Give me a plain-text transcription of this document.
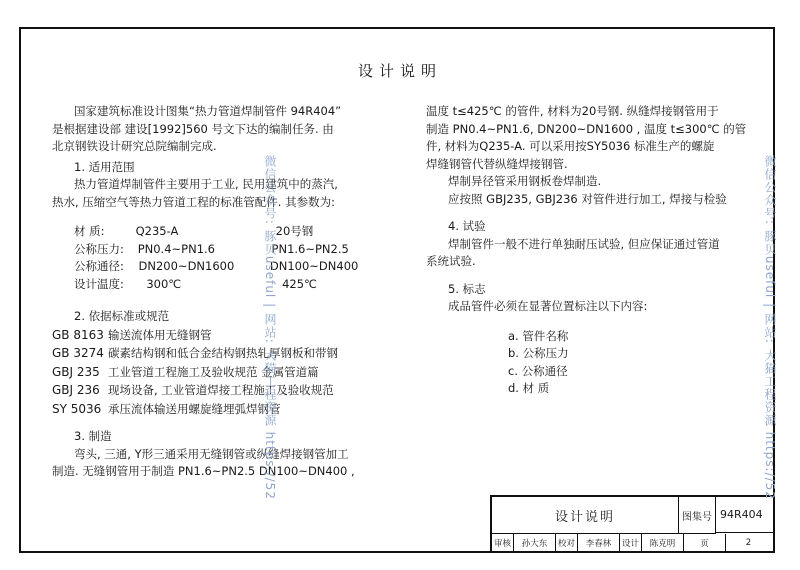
设计说明

国家建筑标准设计图集“热力管道焊制管件 94R404”

是根据建设部 建设[1992]560 号文下达的编制任务. 由

北京钢铁设计研究总院编制完成.

1. 适用范围

热力管道焊制管件主要用于工业, 民用建筑中的蒸汽,

热水, 压缩空气等热力管道工程的标准管配件. 其参数为:

材 质:	Q235-A	20号钢
公称压力:	PN0.4~PN1.6	PN1.6~PN2.5
公称通径:	DN200~DN1600	DN100~DN400
设计温度:	300℃	425℃

2. 依据标准或规范

GB 8163 输送流体用无缝钢管
GB 3274 碳素结构钢和低合金结构钢热轧厚钢板和带钢
GBJ 235 工业管道工程施工及验收规范 金属管道篇
GBJ 236 现场设备, 工业管道焊接工程施工及验收规范
SY 5036 承压流体输送用螺旋缝埋弧焊钢管

3. 制造

弯头, 三通, Y形三通采用无缝钢管或纵缝焊接钢管加工

制造. 无缝钢管用于制造 PN1.6~PN2.5 DN100~DN400 ,

温度 t≤425℃ 的管件, 材料为20号钢. 纵缝焊接钢管用于

制造 PN0.4~PN1.6, DN200~DN1600 , 温度 t≤300℃ 的管

件, 材料为Q235-A. 可以采用按SY5036 标准生产的螺旋

焊缝钢管代替纵缝焊接钢管.

焊制异径管采用钢板卷焊制造.

应按照 GBJ235, GBJ236 对管件进行加工, 焊接与检验

4. 试验

焊制管件一般不进行单独耐压试验, 但应保证通过管道

系统试验.

5. 标志

成品管件必须在显著位置标注以下内容:

a. 管件名称

b. 公称压力

c. 公称通径

d. 材 质

设计说明	图集号 94R404
审核	孙大东	校对	李春林	设计	陈克明	页	2
微信公众号: 豚贝useful | 网站: 大猫工程资源 https://52	微信公众号: 豚贝useful | 网站: 大猫工程资源 https://52
